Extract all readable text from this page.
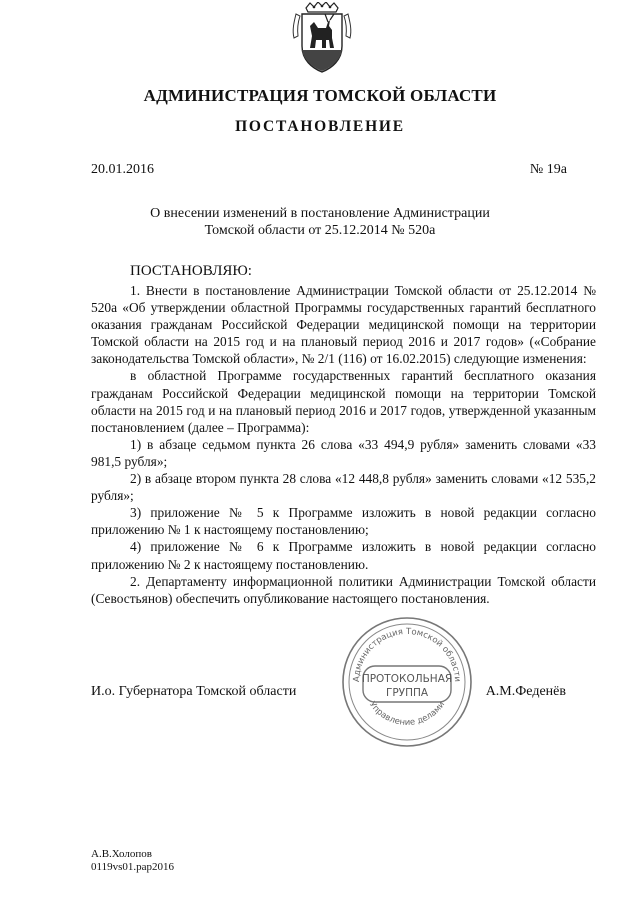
АДМИНИСТРАЦИЯ ТОМСКОЙ ОБЛАСТИ
ПОСТАНОВЛЕНИЕ
20.01.2016	№ 19а
О внесении изменений в постановление Администрации
Томской области от 25.12.2014 № 520а
ПОСТАНОВЛЯЮ:

1. Внести в постановление Администрации Томской области от 25.12.2014 № 520а «Об утверждении областной Программы государственных гарантий бесплатного оказания гражданам Российской Федерации медицинской помощи на территории Томской области на 2015 год и на плановый период 2016 и 2017 годов» («Собрание законодательства Томской области», № 2/1 (116) от 16.02.2015) следующие изменения:

в областной Программе государственных гарантий бесплатного оказания гражданам Российской Федерации медицинской помощи на территории Томской области на 2015 год и на плановый период 2016 и 2017 годов, утвержденной указанным постановлением (далее – Программа):

1) в абзаце седьмом пункта 26 слова «33 494,9 рубля» заменить словами «33 981,5 рубля»;

2) в абзаце втором пункта 28 слова «12 448,8 рубля» заменить словами «12 535,2 рубля»;

3) приложение № 5 к Программе изложить в новой редакции согласно приложению № 1 к настоящему постановлению;

4) приложение № 6 к Программе изложить в новой редакции согласно приложению № 2 к настоящему постановлению.

2. Департаменту информационной политики Администрации Томской области (Севостьянов) обеспечить опубликование настоящего постановления.

Администрация Томской области
Управление делами
ПРОТОКОЛЬНАЯ
ГРУППА
И.о. Губернатора Томской области	А.М.Феденёв
А.В.Холопов
0119vs01.pap2016
